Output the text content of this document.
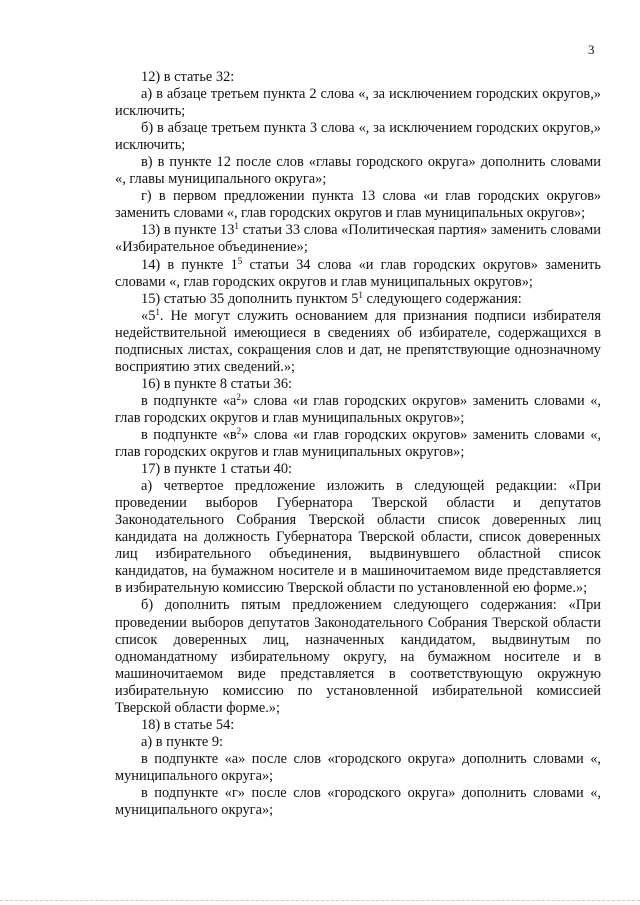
3

12) в статье 32:

а) в абзаце третьем пункта 2 слова «, за исключением городских округов,» исключить;

б) в абзаце третьем пункта 3 слова «, за исключением городских округов,» исключить;

в) в пункте 12 после слов «главы городского округа» дополнить словами «, главы муниципального округа»;

г) в первом предложении пункта 13 слова «и глав городских округов» заменить словами «, глав городских округов и глав муниципальных округов»;

13) в пункте $13^1$ статьи 33 слова «Политическая партия» заменить словами «Избирательное объединение»;

14) в пункте $1^5$ статьи 34 слова «и глав городских округов» заменить словами «, глав городских округов и глав муниципальных округов»;

15) статью 35 дополнить пунктом $5^1$ следующего содержания:

«$5^1$. Не могут служить основанием для признания подписи избирателя недействительной имеющиеся в сведениях об избирателе, содержащихся в подписных листах, сокращения слов и дат, не препятствующие однозначному восприятию этих сведений.»;

16) в пункте 8 статьи 36:

в подпункте «$а^2$» слова «и глав городских округов» заменить словами «, глав городских округов и глав муниципальных округов»;

в подпункте «$в^2$» слова «и глав городских округов» заменить словами «, глав городских округов и глав муниципальных округов»;

17) в пункте 1 статьи 40:

а) четвертое предложение изложить в следующей редакции: «При проведении выборов Губернатора Тверской области и депутатов Законодательного Собрания Тверской области список доверенных лиц кандидата на должность Губернатора Тверской области, список доверенных лиц избирательного объединения, выдвинувшего областной список кандидатов, на бумажном носителе и в машиночитаемом виде представляется в избирательную комиссию Тверской области по установленной ею форме.»;

б) дополнить пятым предложением следующего содержания: «При проведении выборов депутатов Законодательного Собрания Тверской области список доверенных лиц, назначенных кандидатом, выдвинутым по одномандатному избирательному округу, на бумажном носителе и в машиночитаемом виде представляется в соответствующую окружную избирательную комиссию по установленной избирательной комиссией Тверской области форме.»;

18) в статье 54:

а) в пункте 9:

в подпункте «а» после слов «городского округа» дополнить словами «, муниципального округа»;

в подпункте «г» после слов «городского округа» дополнить словами «, муниципального округа»;
